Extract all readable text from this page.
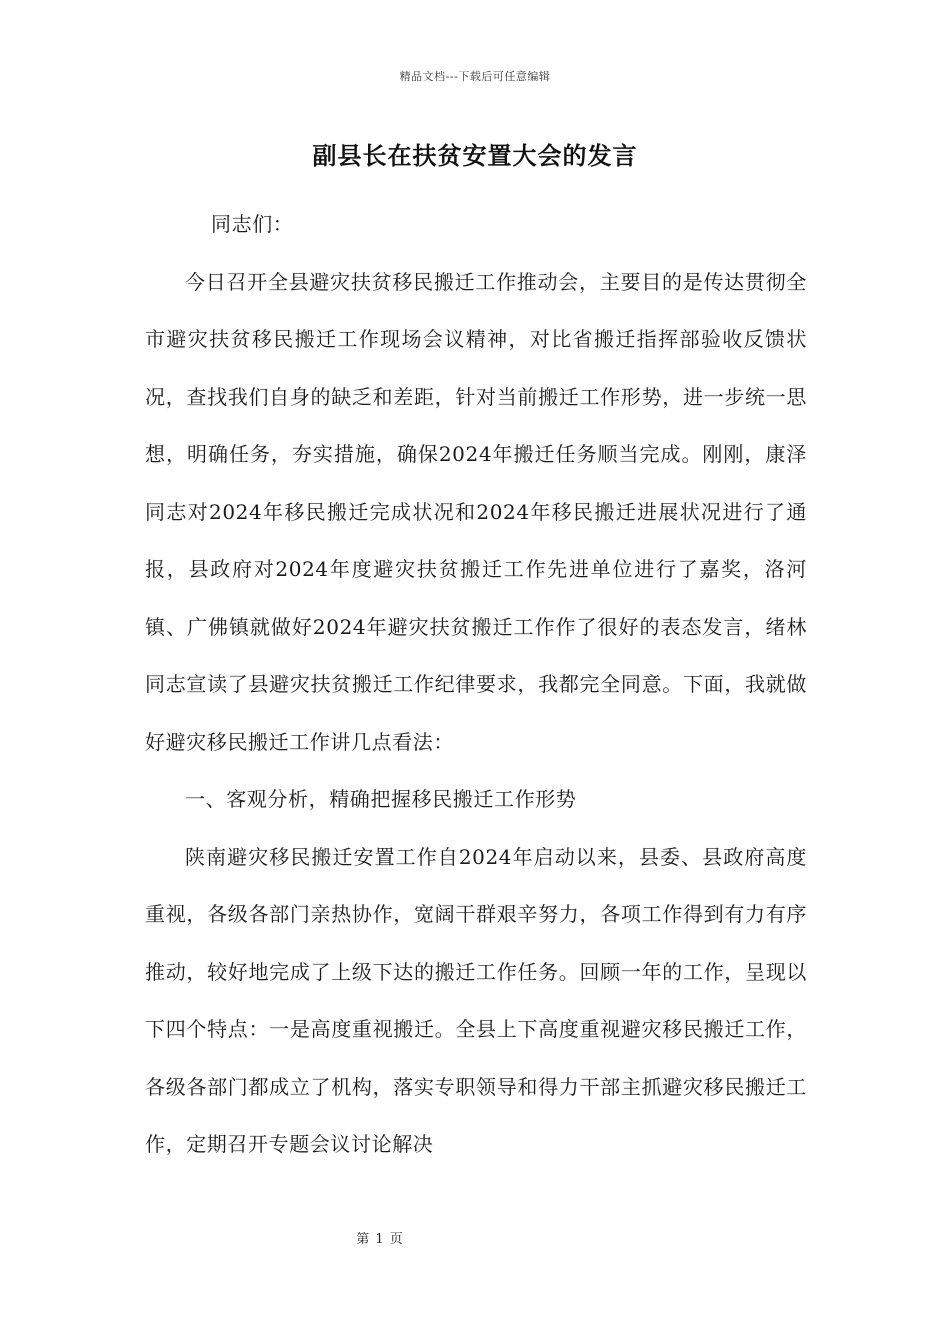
精品文档---下载后可任意编辑
副县长在扶贫安置大会的发言

同志们：

今日召开全县避灾扶贫移民搬迁工作推动会，主要目的是传达贯彻全市避灾扶贫移民搬迁工作现场会议精神，对比省搬迁指挥部验收反馈状况，查找我们自身的缺乏和差距，针对当前搬迁工作形势，进一步统一思想，明确任务，夯实措施，确保2024年搬迁任务顺当完成。刚刚，康泽同志对2024年移民搬迁完成状况和2024年移民搬迁进展状况进行了通报，县政府对2024年度避灾扶贫搬迁工作先进单位进行了嘉奖，洛河镇、广佛镇就做好2024年避灾扶贫搬迁工作作了很好的表态发言，绪林同志宣读了县避灾扶贫搬迁工作纪律要求，我都完全同意。下面，我就做好避灾移民搬迁工作讲几点看法：

一、客观分析，精确把握移民搬迁工作形势

陕南避灾移民搬迁安置工作自2024年启动以来，县委、县政府高度重视，各级各部门亲热协作，宽阔干群艰辛努力，各项工作得到有力有序推动，较好地完成了上级下达的搬迁工作任务。回顾一年的工作，呈现以下四个特点：一是高度重视搬迁。全县上下高度重视避灾移民搬迁工作，各级各部门都成立了机构，落实专职领导和得力干部主抓避灾移民搬迁工作，定期召开专题会议讨论解决

第 1 页
